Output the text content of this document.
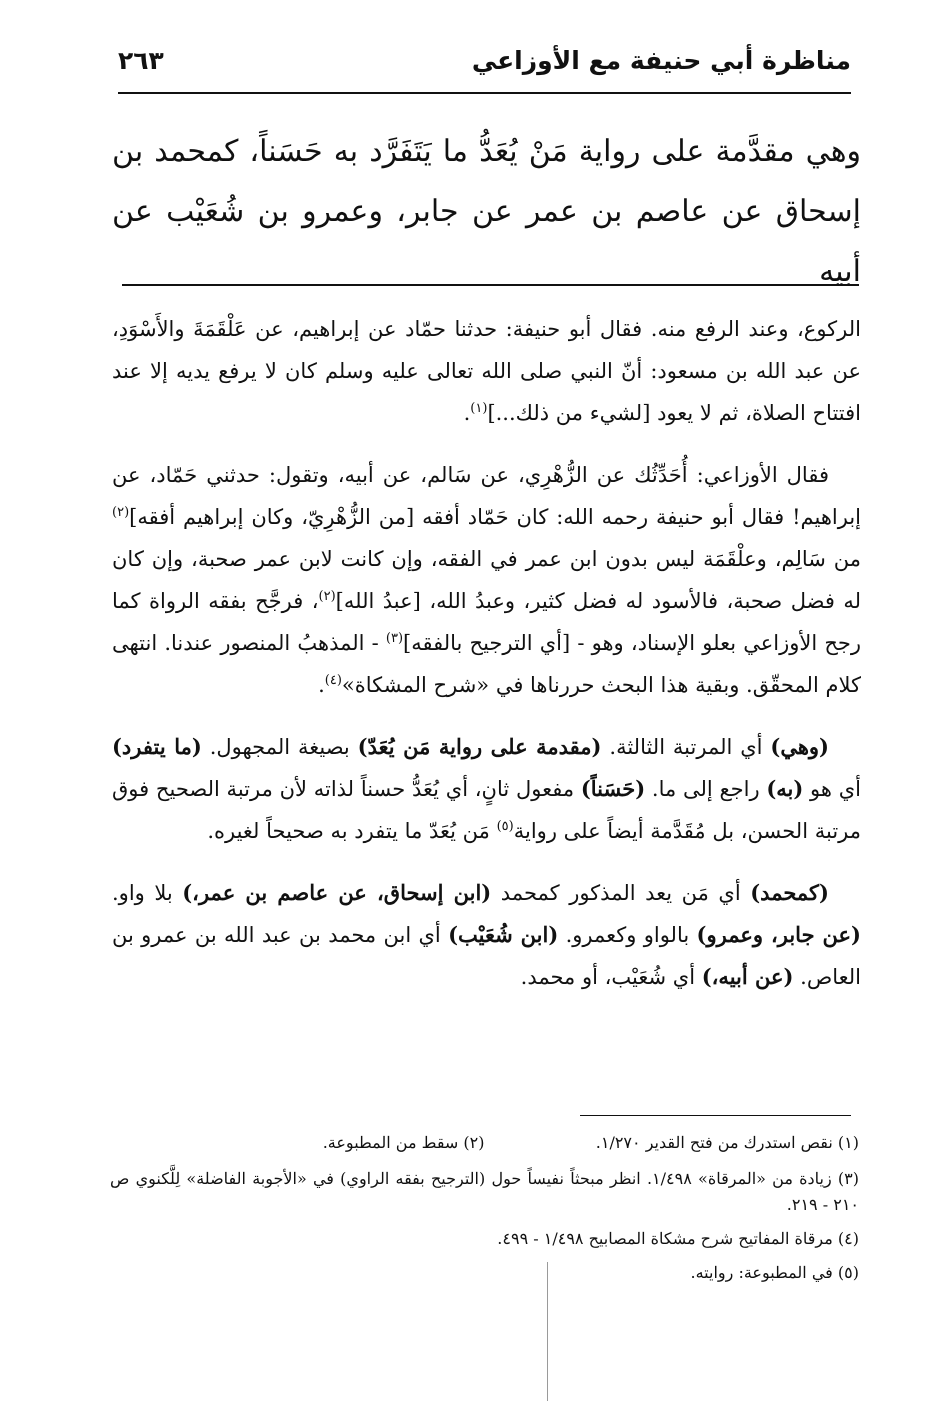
مناظرة أبي حنيفة مع الأوزاعي
٢٦٣

وهي مقدَّمة على رواية مَنْ يُعَدُّ ما يَتَفَرَّد به حَسَناً، كمحمد بن إسحاق عن عاصم بن عمر عن جابر، وعمرو بن شُعَيْب عن أبيه

الركوع، وعند الرفع منه. فقال أبو حنيفة: حدثنا حمّاد عن إبراهيم، عن عَلْقَمَةَ والأَسْوَدِ، عن عبد الله بن مسعود: أنّ النبي صلى الله تعالى عليه وسلم كان لا يرفع يديه إلا عند افتتاح الصلاة، ثم لا يعود [لشيء من ذلك...]$^{(١)}$.

فقال الأوزاعي: أُحَدِّثُك عن الزُّهْرِي، عن سَالم، عن أبيه، وتقول: حدثني حَمّاد، عن إبراهيم! فقال أبو حنيفة رحمه الله: كان حَمّاد أفقه [من الزُّهْرِيّ، وكان إبراهيم أفقه]$^{(٢)}$ من سَالِم، وعلْقَمَة ليس بدون ابن عمر في الفقه، وإن كانت لابن عمر صحبة، وإن كان له فضل صحبة، فالأسود له فضل كثير، وعبدُ الله، [عبدُ الله]$^{(٢)}$، فرجَّح بفقه الرواة كما رجح الأوزاعي بعلو الإسناد، وهو - [أي الترجيح بالفقه]$^{(٣)}$ - المذهبُ المنصور عندنا. انتهى كلام المحقّق. وبقية هذا البحث حررناها في «شرح المشكاة»$^{(٤)}$.

(وهي) أي المرتبة الثالثة. (مقدمة على رواية مَن يُعَدّ) بصيغة المجهول. (ما يتفرد) أي هو (به) راجع إلى ما. (حَسَناً) مفعول ثانٍ، أي يُعَدُّ حسناً لذاته لأن مرتبة الصحيح فوق مرتبة الحسن، بل مُقَدَّمة أيضاً على رواية$^{(٥)}$ مَن يُعَدّ ما يتفرد به صحيحاً لغيره.

(كمحمد) أي مَن يعد المذكور كمحمد (ابن إسحاق، عن عاصم بن عمر،) بلا واو. (عن جابر، وعمرو) بالواو وكعمرو. (ابن شُعَيْب) أي ابن محمد بن عبد الله بن عمرو بن العاص. (عن أبيه،) أي شُعَيْب، أو محمد.

(١) نقص استدرك من فتح القدير ١/٢٧٠.
(٢) سقط من المطبوعة.
(٣) زيادة من «المرقاة» ١/٤٩٨. انظر مبحثاً نفيساً حول (الترجيح بفقه الراوي) في «الأجوبة الفاضلة» لِلَّكنوي ص ٢١٠ - ٢١٩.
(٤) مرقاة المفاتيح شرح مشكاة المصابيح ١/٤٩٨ - ٤٩٩.
(٥) في المطبوعة: روايته.
